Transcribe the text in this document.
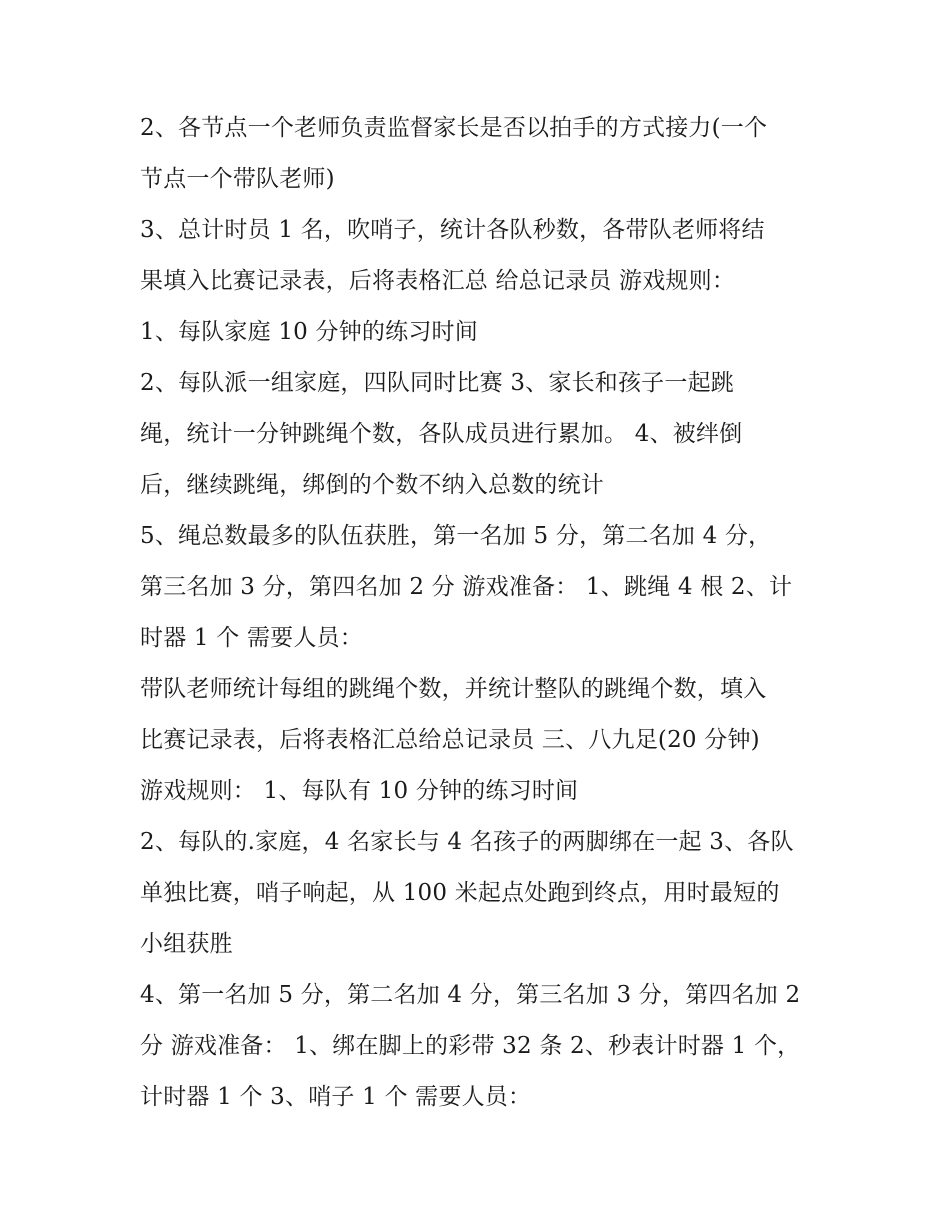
2、各节点一个老师负责监督家长是否以拍手的方式接力(一个
节点一个带队老师)

3、总计时员 1 名，吹哨子，统计各队秒数，各带队老师将结
果填入比赛记录表，后将表格汇总 给总记录员 游戏规则：

1、每队家庭 10 分钟的练习时间

2、每队派一组家庭，四队同时比赛 3、家长和孩子一起跳
绳，统计一分钟跳绳个数，各队成员进行累加。 4、被绊倒
后，继续跳绳，绑倒的个数不纳入总数的统计

5、绳总数最多的队伍获胜，第一名加 5 分，第二名加 4 分，
第三名加 3 分，第四名加 2 分 游戏准备： 1、跳绳 4 根 2、计
时器 1 个 需要人员：

带队老师统计每组的跳绳个数，并统计整队的跳绳个数，填入
比赛记录表，后将表格汇总给总记录员 三、八九足(20 分钟)
游戏规则： 1、每队有 10 分钟的练习时间

2、每队的.家庭，4 名家长与 4 名孩子的两脚绑在一起 3、各队
单独比赛，哨子响起，从 100 米起点处跑到终点，用时最短的
小组获胜

4、第一名加 5 分，第二名加 4 分，第三名加 3 分，第四名加 2
分 游戏准备： 1、绑在脚上的彩带 32 条 2、秒表计时器 1 个，
计时器 1 个 3、哨子 1 个 需要人员：
